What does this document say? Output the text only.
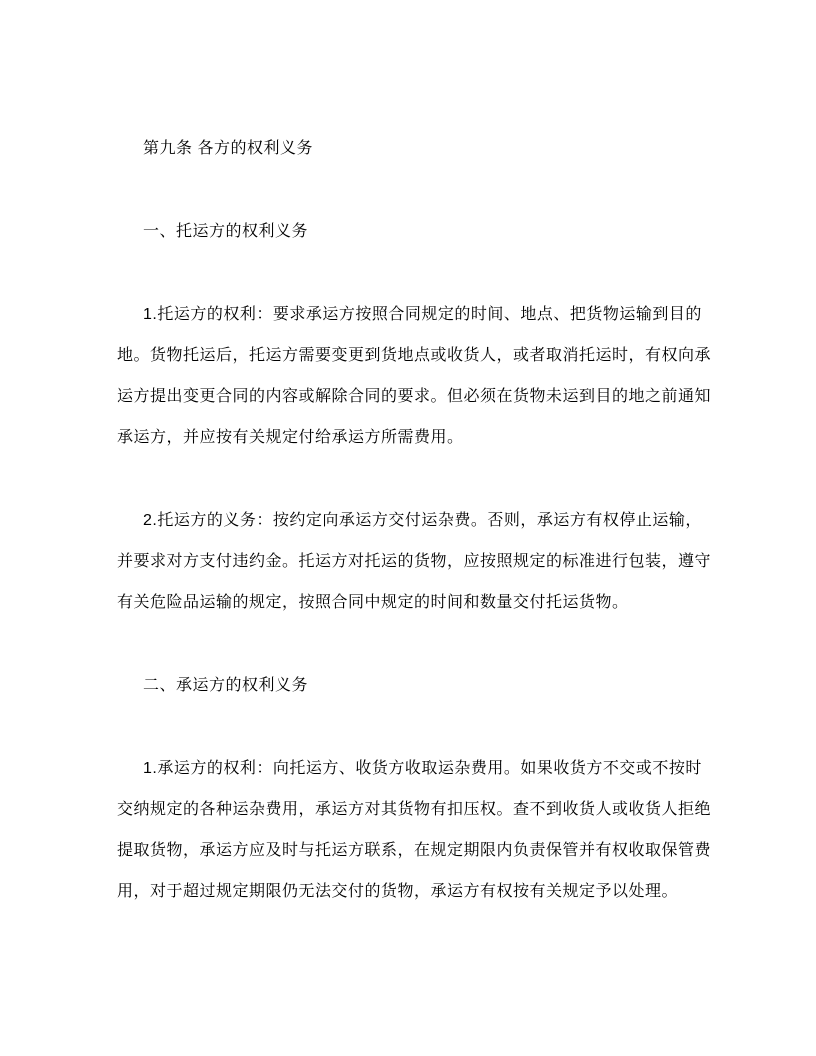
第九条 各方的权利义务
一、托运方的权利义务
1.托运方的权利：要求承运方按照合同规定的时间、地点、把货物运输到目的
地。货物托运后，托运方需要变更到货地点或收货人，或者取消托运时，有权向承
运方提出变更合同的内容或解除合同的要求。但必须在货物未运到目的地之前通知
承运方，并应按有关规定付给承运方所需费用。
2.托运方的义务：按约定向承运方交付运杂费。否则，承运方有权停止运输，
并要求对方支付违约金。托运方对托运的货物，应按照规定的标准进行包装，遵守
有关危险品运输的规定，按照合同中规定的时间和数量交付托运货物。
二、承运方的权利义务
1.承运方的权利：向托运方、收货方收取运杂费用。如果收货方不交或不按时
交纳规定的各种运杂费用，承运方对其货物有扣压权。查不到收货人或收货人拒绝
提取货物，承运方应及时与托运方联系，在规定期限内负责保管并有权收取保管费
用，对于超过规定期限仍无法交付的货物，承运方有权按有关规定予以处理。
